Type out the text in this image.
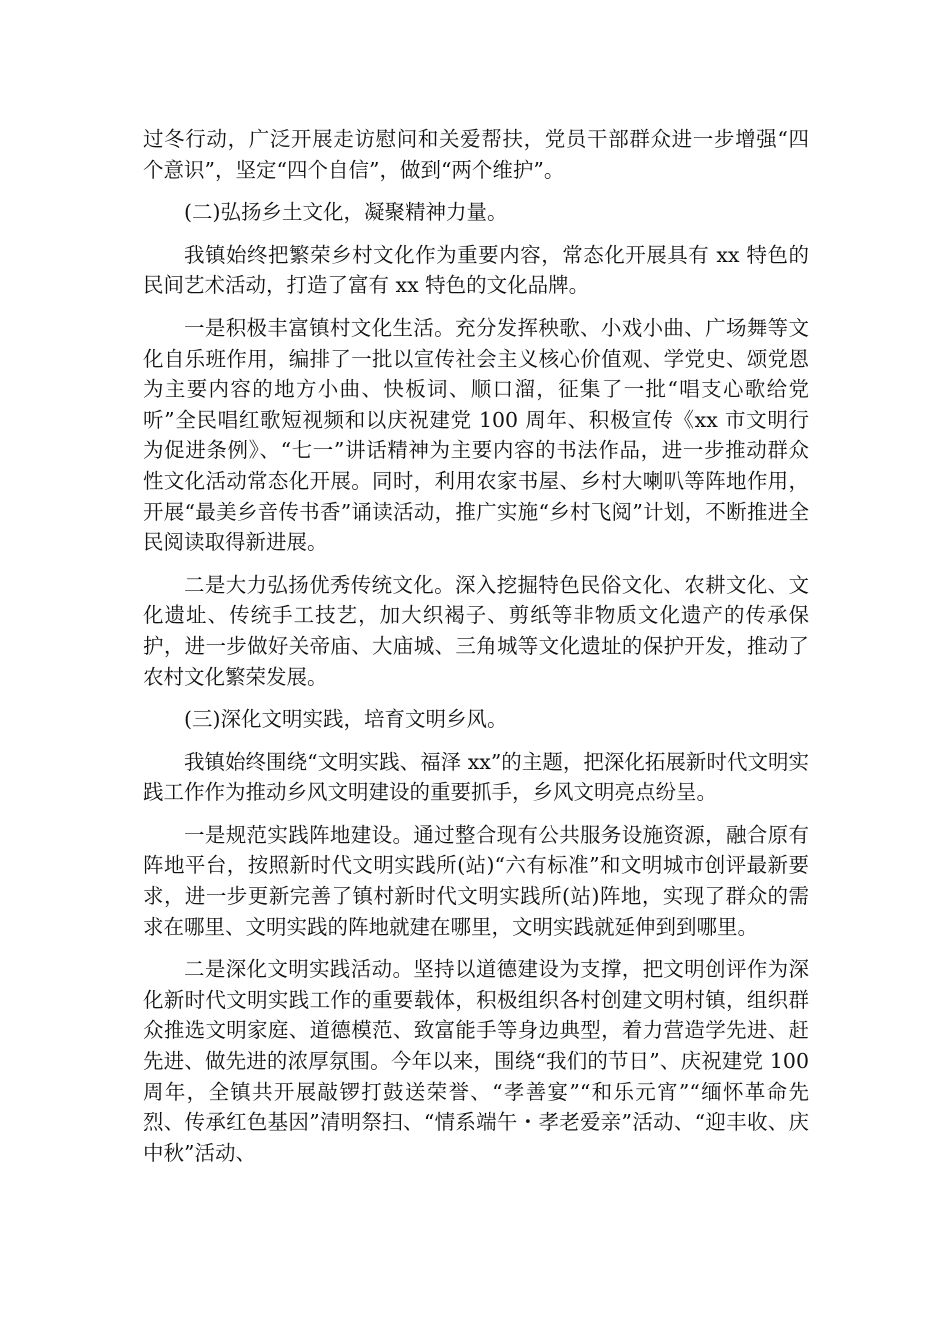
过冬行动，广泛开展走访慰问和关爱帮扶，党员干部群众进一步增强“四个意识”，坚定“四个自信”，做到“两个维护”。

(二)弘扬乡土文化，凝聚精神力量。

我镇始终把繁荣乡村文化作为重要内容，常态化开展具有 xx 特色的民间艺术活动，打造了富有 xx 特色的文化品牌。

一是积极丰富镇村文化生活。充分发挥秧歌、小戏小曲、广场舞等文化自乐班作用，编排了一批以宣传社会主义核心价值观、学党史、颂党恩为主要内容的地方小曲、快板词、顺口溜，征集了一批“唱支心歌给党听”全民唱红歌短视频和以庆祝建党 100 周年、积极宣传《xx 市文明行为促进条例》、“七一”讲话精神为主要内容的书法作品，进一步推动群众性文化活动常态化开展。同时，利用农家书屋、乡村大喇叭等阵地作用，开展“最美乡音传书香”诵读活动，推广实施“乡村飞阅”计划，不断推进全民阅读取得新进展。

二是大力弘扬优秀传统文化。深入挖掘特色民俗文化、农耕文化、文化遗址、传统手工技艺，加大织褐子、剪纸等非物质文化遗产的传承保护，进一步做好关帝庙、大庙城、三角城等文化遗址的保护开发，推动了农村文化繁荣发展。

(三)深化文明实践，培育文明乡风。

我镇始终围绕“文明实践、福泽 xx”的主题，把深化拓展新时代文明实践工作作为推动乡风文明建设的重要抓手，乡风文明亮点纷呈。

一是规范实践阵地建设。通过整合现有公共服务设施资源，融合原有阵地平台，按照新时代文明实践所(站)“六有标准”和文明城市创评最新要求，进一步更新完善了镇村新时代文明实践所(站)阵地，实现了群众的需求在哪里、文明实践的阵地就建在哪里，文明实践就延伸到到哪里。

二是深化文明实践活动。坚持以道德建设为支撑，把文明创评作为深化新时代文明实践工作的重要载体，积极组织各村创建文明村镇，组织群众推选文明家庭、道德模范、致富能手等身边典型，着力营造学先进、赶先进、做先进的浓厚氛围。今年以来，围绕“我们的节日”、庆祝建党 100 周年，全镇共开展敲锣打鼓送荣誉、“孝善宴”“和乐元宵”“缅怀革命先烈、传承红色基因”清明祭扫、“情系端午・孝老爱亲”活动、“迎丰收、庆中秋”活动、
